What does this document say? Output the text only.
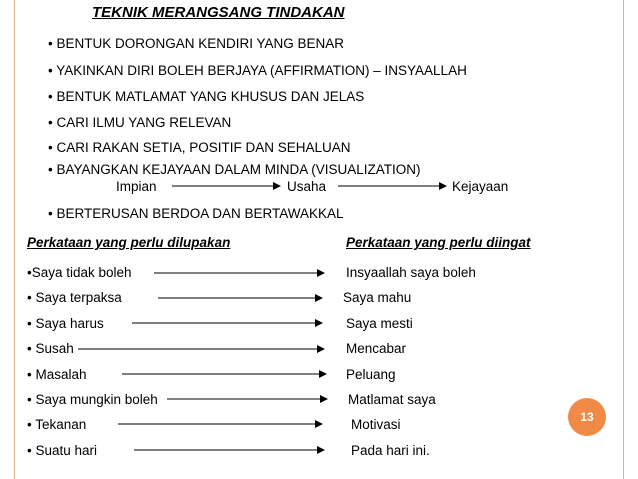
TEKNIK MERANGSANG TINDAKAN
• BENTUK DORONGAN KENDIRI YANG BENAR
• YAKINKAN DIRI BOLEH BERJAYA (AFFIRMATION) – INSYAALLAH
• BENTUK MATLAMAT YANG KHUSUS DAN JELAS
• CARI ILMU YANG RELEVAN
• CARI RAKAN SETIA, POSITIF DAN SEHALUAN
• BAYANGKAN KEJAYAAN DALAM MINDA (VISUALIZATION)
Impian	Usaha	Kejayaan
• BERTERUSAN BERDOA DAN BERTAWAKKAL
Perkataan yang perlu dilupakan	Perkataan yang perlu diingat
•Saya tidak boleh	Insyaallah saya boleh
• Saya terpaksa	Saya mahu
• Saya harus	Saya mesti
• Susah	Mencabar
• Masalah	Peluang
• Saya mungkin boleh	Matlamat saya
• Tekanan	Motivasi
• Suatu hari	Pada hari ini.
13
